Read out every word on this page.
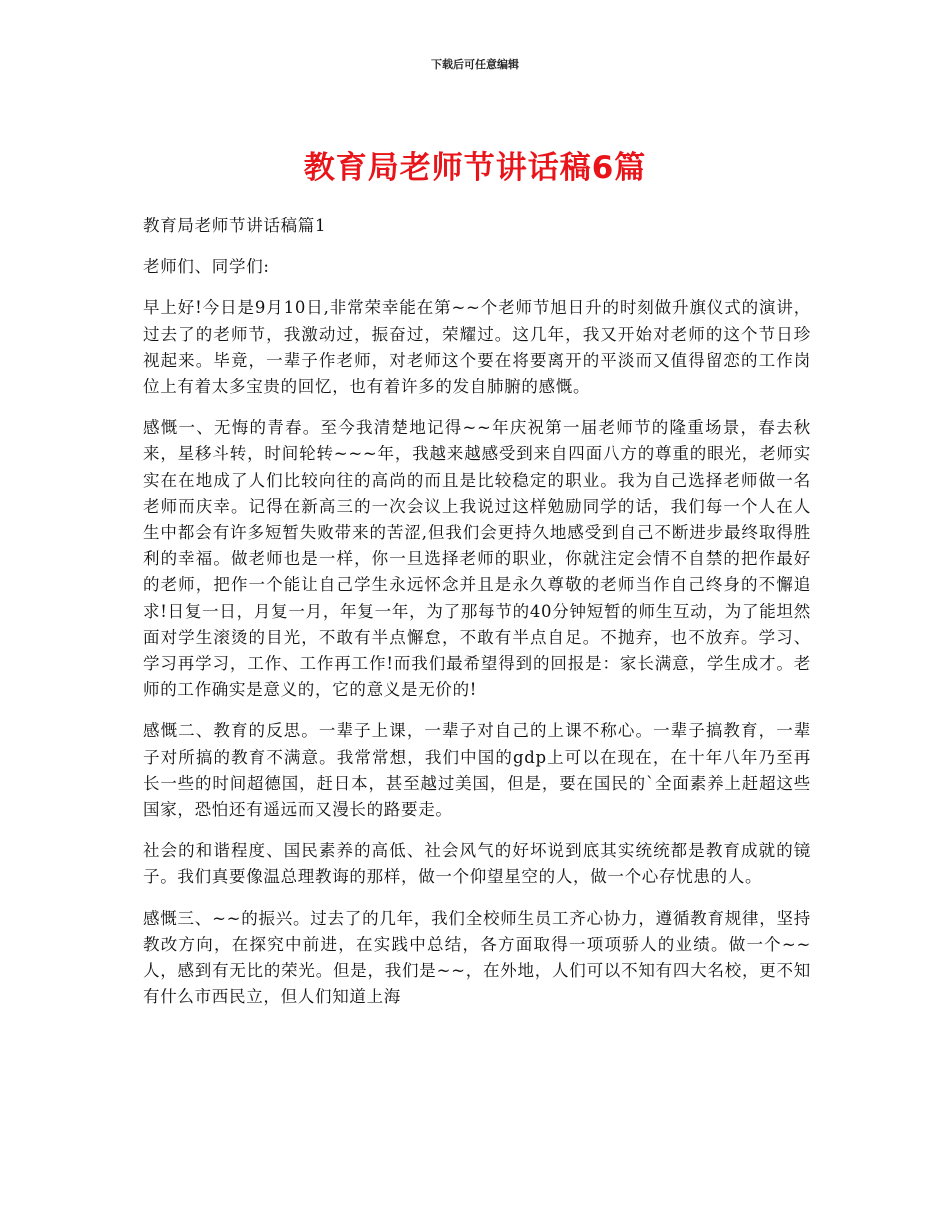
下载后可任意编辑
教育局老师节讲话稿6篇

教育局老师节讲话稿篇1

老师们、同学们:

早上好!今日是9月10日,非常荣幸能在第~~个老师节旭日升的时刻做升旗仪式的演讲，过去了的老师节，我激动过，振奋过，荣耀过。这几年，我又开始对老师的这个节日珍视起来。毕竟，一辈子作老师，对老师这个要在将要离开的平淡而又值得留恋的工作岗位上有着太多宝贵的回忆，也有着许多的发自肺腑的感慨。

感慨一、无悔的青春。至今我清楚地记得~~年庆祝第一届老师节的隆重场景，春去秋来，星移斗转，时间轮转~~~年，我越来越感受到来自四面八方的尊重的眼光，老师实实在在地成了人们比较向往的高尚的而且是比较稳定的职业。我为自己选择老师做一名老师而庆幸。记得在新高三的一次会议上我说过这样勉励同学的话，我们每一个人在人生中都会有许多短暂失败带来的苦涩,但我们会更持久地感受到自己不断进步最终取得胜利的幸福。做老师也是一样，你一旦选择老师的职业，你就注定会情不自禁的把作最好的老师，把作一个能让自己学生永远怀念并且是永久尊敬的老师当作自己终身的不懈追求!日复一日，月复一月，年复一年，为了那每节的40分钟短暂的师生互动，为了能坦然面对学生滚烫的目光，不敢有半点懈怠，不敢有半点自足。不抛弃，也不放弃。学习、学习再学习，工作、工作再工作!而我们最希望得到的回报是：家长满意，学生成才。老师的工作确实是意义的，它的意义是无价的!

感慨二、教育的反思。一辈子上课，一辈子对自己的上课不称心。一辈子搞教育，一辈子对所搞的教育不满意。我常常想，我们中国的gdp上可以在现在，在十年八年乃至再长一些的时间超德国，赶日本，甚至越过美国，但是，要在国民的`全面素养上赶超这些国家，恐怕还有遥远而又漫长的路要走。

社会的和谐程度、国民素养的高低、社会风气的好坏说到底其实统统都是教育成就的镜子。我们真要像温总理教诲的那样，做一个仰望星空的人，做一个心存忧患的人。

感慨三、~~的振兴。过去了的几年，我们全校师生员工齐心协力，遵循教育规律，坚持教改方向，在探究中前进，在实践中总结，各方面取得一项项骄人的业绩。做一个~~人，感到有无比的荣光。但是，我们是~~，在外地，人们可以不知有四大名校，更不知有什么市西民立，但人们知道上海
